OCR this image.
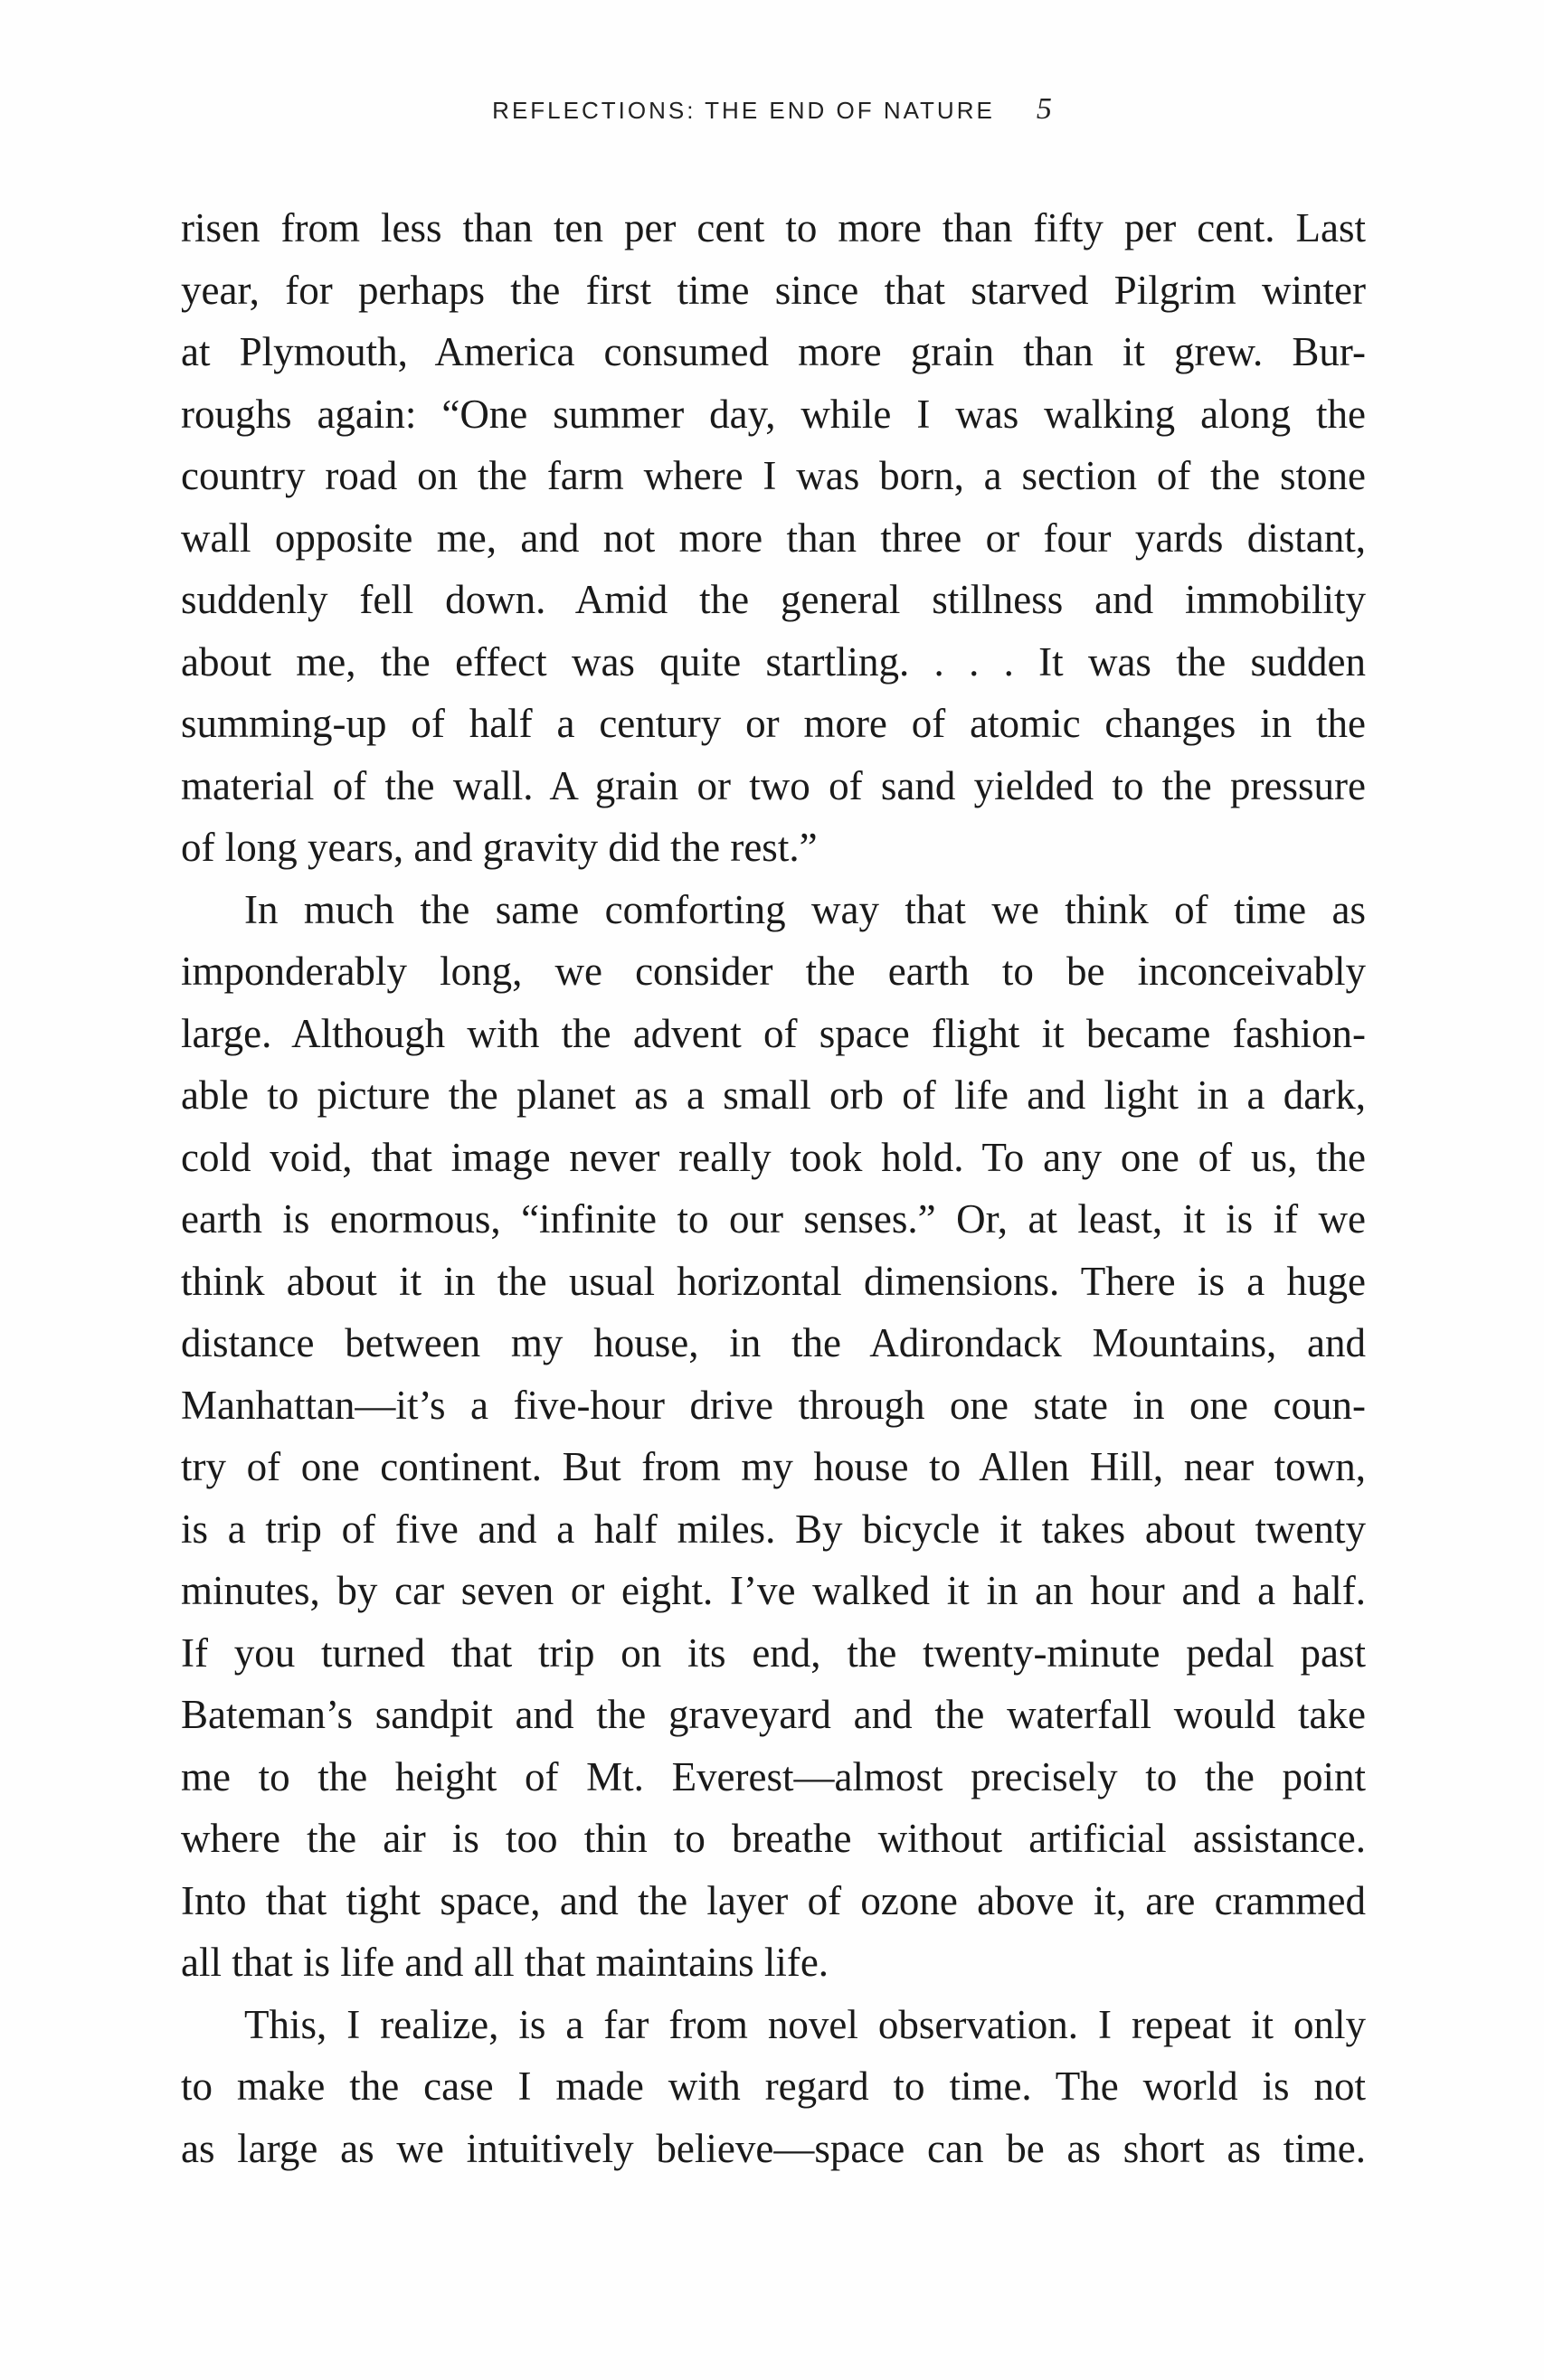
REFLECTIONS: THE END OF NATURE 5
risen from less than ten per cent to more than fifty per cent. Last
year, for perhaps the first time since that starved Pilgrim winter
at Plymouth, America consumed more grain than it grew. Bur-
roughs again: “One summer day, while I was walking along the
country road on the farm where I was born, a section of the stone
wall opposite me, and not more than three or four yards distant,
suddenly fell down. Amid the general stillness and immobility
about me, the effect was quite startling. . . . It was the sudden
summing-up of half a century or more of atomic changes in the
material of the wall. A grain or two of sand yielded to the pressure
of long years, and gravity did the rest.”
In much the same comforting way that we think of time as
imponderably long, we consider the earth to be inconceivably
large. Although with the advent of space flight it became fashion-
able to picture the planet as a small orb of life and light in a dark,
cold void, that image never really took hold. To any one of us, the
earth is enormous, “infinite to our senses.” Or, at least, it is if we
think about it in the usual horizontal dimensions. There is a huge
distance between my house, in the Adirondack Mountains, and
Manhattan—it’s a five-hour drive through one state in one coun-
try of one continent. But from my house to Allen Hill, near town,
is a trip of five and a half miles. By bicycle it takes about twenty
minutes, by car seven or eight. I’ve walked it in an hour and a half.
If you turned that trip on its end, the twenty-minute pedal past
Bateman’s sandpit and the graveyard and the waterfall would take
me to the height of Mt. Everest—almost precisely to the point
where the air is too thin to breathe without artificial assistance.
Into that tight space, and the layer of ozone above it, are crammed
all that is life and all that maintains life.
This, I realize, is a far from novel observation. I repeat it only
to make the case I made with regard to time. The world is not
as large as we intuitively believe—space can be as short as time.
